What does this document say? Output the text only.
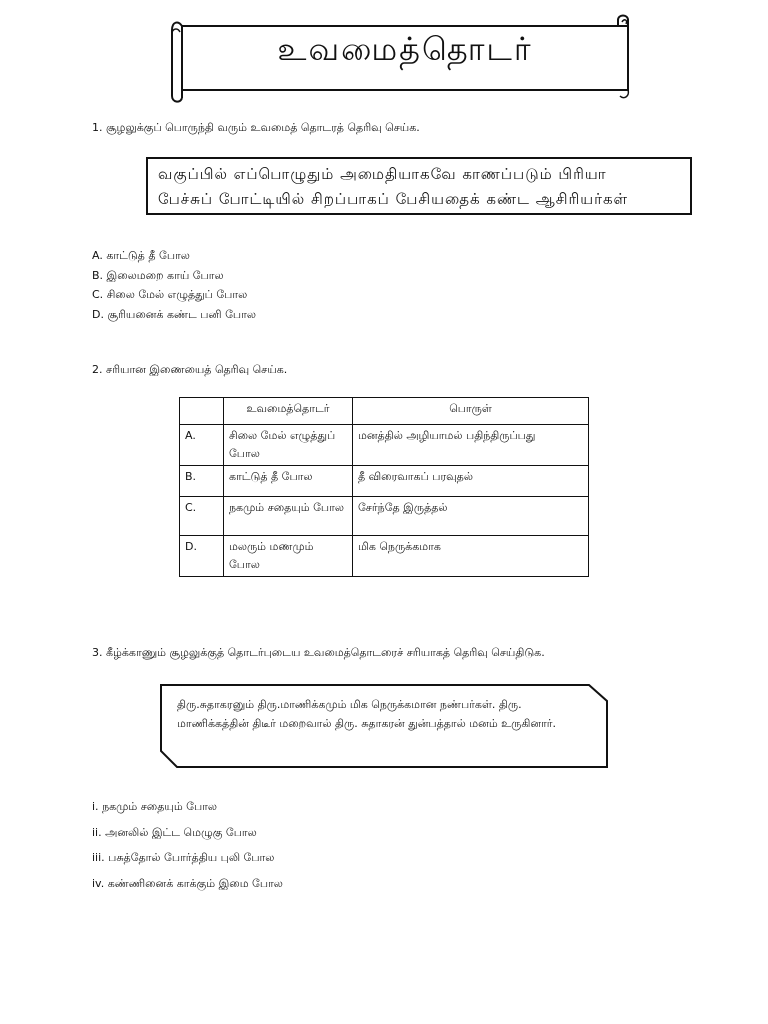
உவமைத்தொடர்
1. சூழலுக்குப் பொருந்தி வரும் உவமைத் தொடரத் தெரிவு செய்க.
வகுப்பில் எப்பொழுதும் அமைதியாகவே காணப்படும் பிரியா
பேச்சுப் போட்டியில் சிறப்பாகப் பேசியதைக் கண்ட ஆசிரியர்கள்
A. காட்டுத் தீ போல
B. இலைமறை காய் போல
C. சிலை மேல் எழுத்துப் போல
D. சூரியனைக் கண்ட பனி போல
2. சரியான இணையைத் தெரிவு செய்க.
	உவமைத்தொடர்	பொருள்
A.	சிலை மேல் எழுத்துப் போல	மனத்தில் அழியாமல் பதிந்திருப்பது
B.	காட்டுத் தீ போல	தீ விரைவாகப் பரவுதல்
C.	நகமும் சதையும் போல	சேர்ந்தே இருத்தல்
D.	மலரும் மணமும் போல	மிக நெருக்கமாக
3. கீழ்க்காணும் சூழலுக்குத் தொடர்புடைய உவமைத்தொடரைச் சரியாகத் தெரிவு செய்திடுக.
திரு.சுதாகரனும் திரு.மாணிக்கமும் மிக நெருக்கமான நண்பர்கள். திரு. மாணிக்கத்தின் திடீர் மறைவால் திரு. சுதாகரன் துன்பத்தால் மனம் உருகினார்.
i. நகமும் சதையும் போல
ii. அனலில் இட்ட மெழுகு போல
iii. பசுத்தோல் போர்த்திய புலி போல
iv. கண்ணினைக் காக்கும் இமை போல
